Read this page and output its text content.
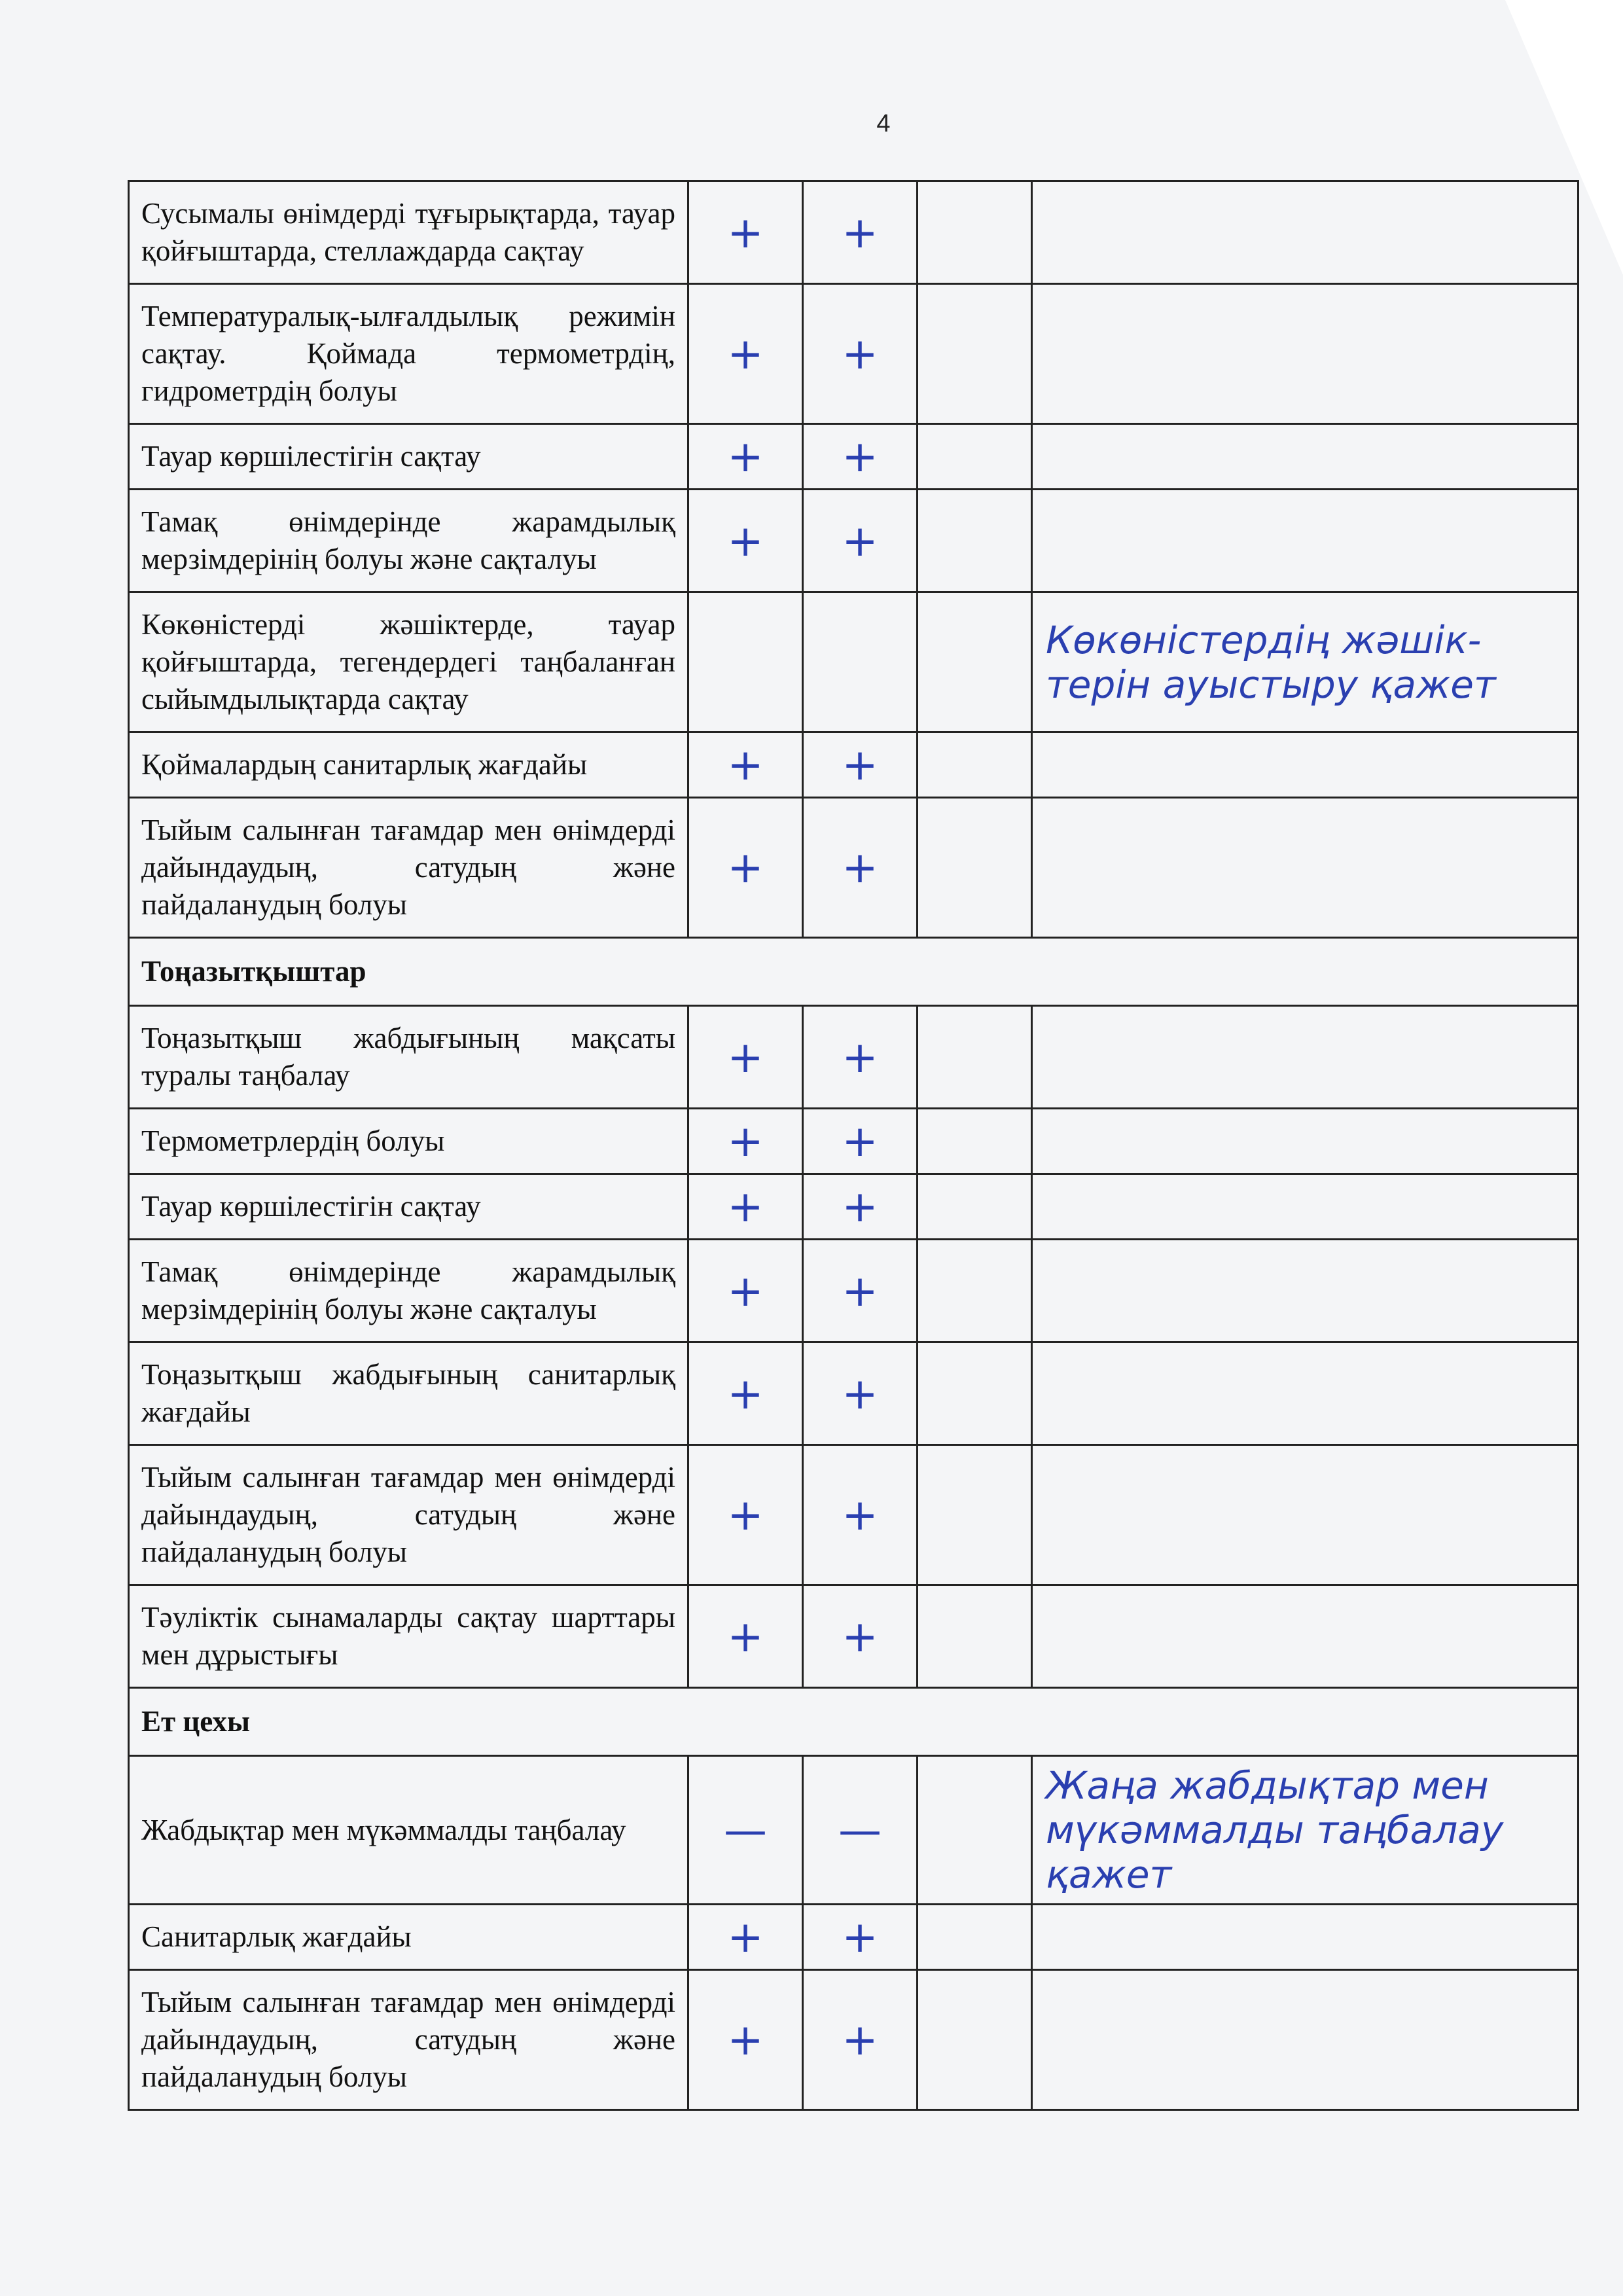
4
Сусымалы өнімдерді тұғырықтарда, тауар қойғыштарда, стеллаждарда сақтау	+	+		
Температуралық-ылғалдылық режимін сақтау. Қоймада термометрдің, гидрометрдің болуы	+	+		
Тауар көршілестігін сақтау	+	+		
Тамақ өнімдерінде жарамдылық мерзімдерінің болуы және сақталуы	+	+		
Көкөністерді жәшіктерде, тауар қойғыштарда, тегендердегі таңбаланған сыйымдылықтарда сақтау				Көкөністердің жәшік-терін ауыстыру қажет
Қоймалардың санитарлық жағдайы	+	+		
Тыйым салынған тағамдар мен өнімдерді дайындаудың, сатудың және пайдаланудың болуы	+	+		
Тоңазытқыштар				
Тоңазытқыш жабдығының мақсаты туралы таңбалау	+	+		
Термометрлердің болуы	+	+		
Тауар көршілестігін сақтау	+	+		
Тамақ өнімдерінде жарамдылық мерзімдерінің болуы және сақталуы	+	+		
Тоңазытқыш жабдығының санитарлық жағдайы	+	+		
Тыйым салынған тағамдар мен өнімдерді дайындаудың, сатудың және пайдаланудың болуы	+	+		
Тәуліктік сынамаларды сақтау шарттары мен дұрыстығы	+	+		
Ет цехы				
Жабдықтар мен мүкәммалды таңбалау	—	—		Жаңа жабдықтар мен мүкәммалды таңбалау қажет
Санитарлық жағдайы	+	+		
Тыйым салынған тағамдар мен өнімдерді дайындаудың, сатудың және пайдаланудың болуы	+	+		
